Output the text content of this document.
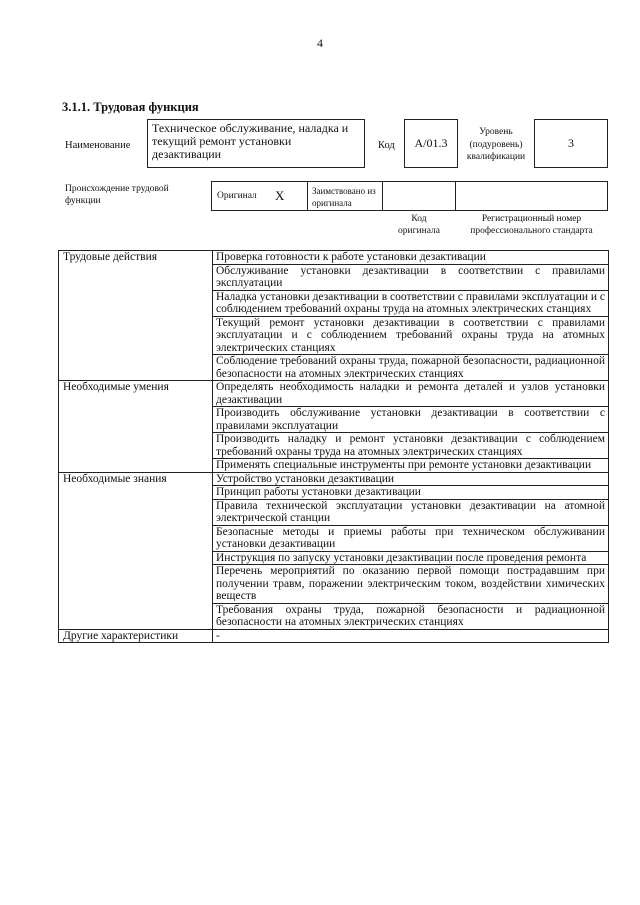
4
3.1.1. Трудовая функция
Наименование
Техническое обслуживание, наладка и текущий ремонт установки дезактивации
Код A/01.3
Уровень
(подуровень)
квалификации
3
Происхождение трудовой функции	Оригинал X	Заимствовано из оригинала
Код
оригинала
Регистрационный номер
профессионального стандарта
Трудовые действия	Проверка готовности к работе установки дезактивации
	Обслуживание установки дезактивации в соответствии с правилами эксплуатации
	Наладка установки дезактивации в соответствии с правилами эксплуатации и с соблюдением требований охраны труда на атомных электрических станциях
	Текущий ремонт установки дезактивации в соответствии с правилами эксплуатации и с соблюдением требований охраны труда на атомных электрических станциях
	Соблюдение требований охраны труда, пожарной безопасности, радиационной безопасности на атомных электрических станциях
Необходимые умения	Определять необходимость наладки и ремонта деталей и узлов установки дезактивации
	Производить обслуживание установки дезактивации в соответствии с правилами эксплуатации
	Производить наладку и ремонт установки дезактивации с соблюдением требований охраны труда на атомных электрических станциях
	Применять специальные инструменты при ремонте установки дезактивации
Необходимые знания	Устройство установки дезактивации
	Принцип работы установки дезактивации
	Правила технической эксплуатации установки дезактивации на атомной электрической станции
	Безопасные методы и приемы работы при техническом обслуживании установки дезактивации
	Инструкция по запуску установки дезактивации после проведения ремонта
	Перечень мероприятий по оказанию первой помощи пострадавшим при получении травм, поражении электрическим током, воздействии химических веществ
	Требования охраны труда, пожарной безопасности и радиационной безопасности на атомных электрических станциях
Другие характеристики	-
